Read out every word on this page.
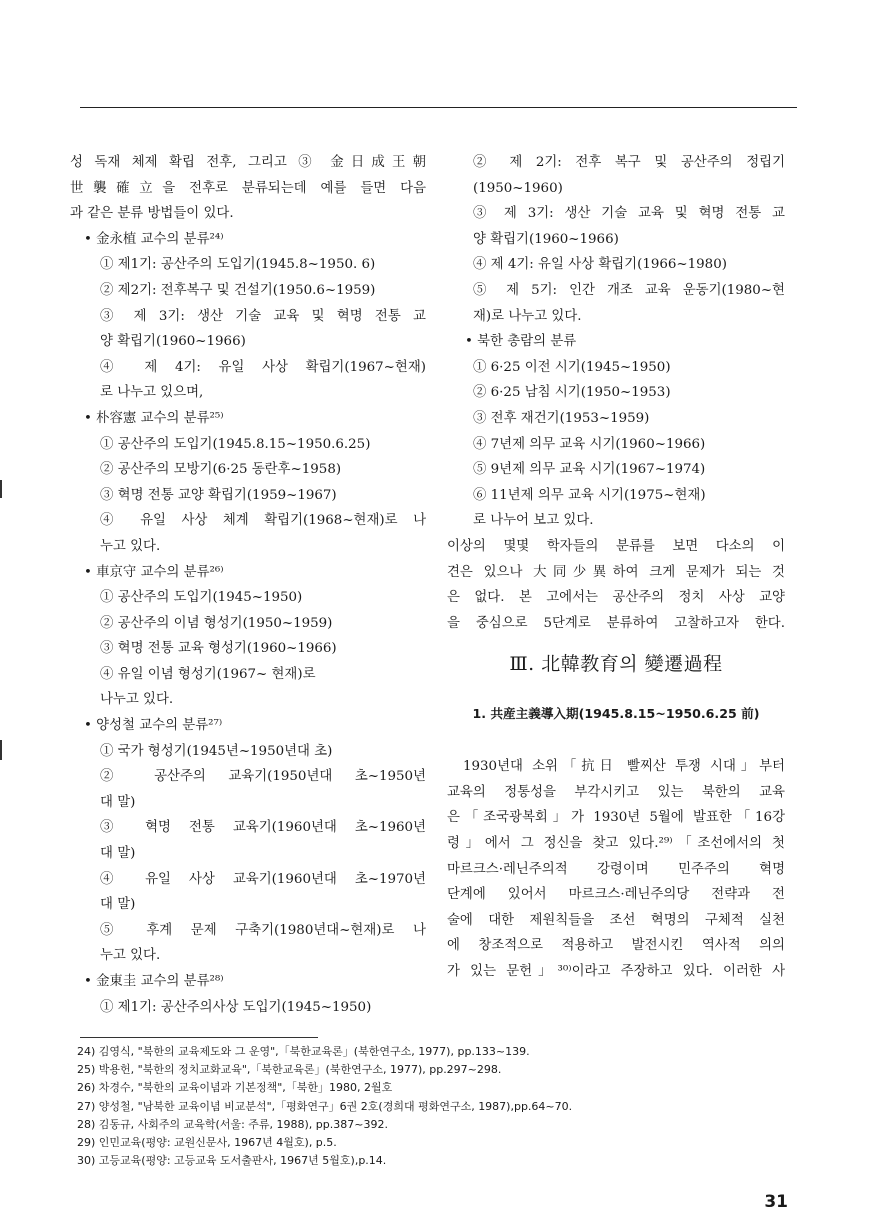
성 독재 체제 확립 전후, 그리고 ③ 金日成王朝
世襲確立을 전후로 분류되는데 예를 들면 다음
과 같은 분류 방법들이 있다.
• 金永植 교수의 분류²⁴⁾
① 제1기: 공산주의 도입기(1945.8~1950. 6)
② 제2기: 전후복구 및 건설기(1950.6~1959)
③ 제 3기: 생산 기술 교육 및 혁명 전통 교
양 확립기(1960~1966)
④ 제 4기: 유일 사상 확립기(1967~현재)
로 나누고 있으며,
• 朴容憲 교수의 분류²⁵⁾
① 공산주의 도입기(1945.8.15~1950.6.25)
② 공산주의 모방기(6·25 동란후~1958)
③ 혁명 전통 교양 확립기(1959~1967)
④ 유일 사상 체계 확립기(1968~현재)로 나
누고 있다.
• 車京守 교수의 분류²⁶⁾
① 공산주의 도입기(1945~1950)
② 공산주의 이념 형성기(1950~1959)
③ 혁명 전통 교육 형성기(1960~1966)
④ 유일 이념 형성기(1967~ 현재)로
나누고 있다.
• 양성철 교수의 분류²⁷⁾
① 국가 형성기(1945년~1950년대 초)
② 공산주의 교육기(1950년대 초~1950년
대 말)
③ 혁명 전통 교육기(1960년대 초~1960년
대 말)
④ 유일 사상 교육기(1960년대 초~1970년
대 말)
⑤ 후계 문제 구축기(1980년대~현재)로 나
누고 있다.
• 金東圭 교수의 분류²⁸⁾
① 제1기: 공산주의사상 도입기(1945~1950)
② 제 2기: 전후 복구 및 공산주의 정립기
(1950~1960)
③ 제 3기: 생산 기술 교육 및 혁명 전통 교
양 확립기(1960~1966)
④ 제 4기: 유일 사상 확립기(1966~1980)
⑤ 제 5기: 인간 개조 교육 운동기(1980~현
재)로 나누고 있다.
• 북한 총람의 분류
① 6·25 이전 시기(1945~1950)
② 6·25 남침 시기(1950~1953)
③ 전후 재건기(1953~1959)
④ 7년제 의무 교육 시기(1960~1966)
⑤ 9년제 의무 교육 시기(1967~1974)
⑥ 11년제 의무 교육 시기(1975~현재)
로 나누어 보고 있다.
이상의 몇몇 학자들의 분류를 보면 다소의 이
견은 있으나 大同少異하여 크게 문제가 되는 것
은 없다. 본 고에서는 공산주의 정치 사상 교양
을 중심으로 5단계로 분류하여 고찰하고자 한다.
Ⅲ. 北韓教育의 變遷過程
1. 共産主義導入期(1945.8.15~1950.6.25 前)
1930년대 소위「抗日 빨찌산 투쟁 시대」부터
교육의 정통성을 부각시키고 있는 북한의 교육
은「조국광복회」가 1930년 5월에 발표한「16강
령」에서 그 정신을 찾고 있다.²⁹⁾「조선에서의 첫
마르크스·레닌주의적 강령이며 민주주의 혁명
단계에 있어서 마르크스·레닌주의당 전략과 전
술에 대한 제원칙들을 조선 혁명의 구체적 실천
에 창조적으로 적용하고 발전시킨 역사적 의의
가 있는 문헌」³⁰⁾이라고 주장하고 있다. 이러한 사
24) 김영식, "북한의 교육제도와 그 운영",「북한교육론」(북한연구소, 1977), pp.133~139.
25) 박용헌, "북한의 정치교화교육",「북한교육론」(북한연구소, 1977), pp.297~298.
26) 차경수, "북한의 교육이념과 기본정책",「북한」1980, 2월호
27) 양성철, "남북한 교육이념 비교분석",「평화연구」6권 2호(경희대 평화연구소, 1987),pp.64~70.
28) 김동규, 사회주의 교육학(서울: 주류, 1988), pp.387~392.
29) 인민교육(평양: 교원신문사, 1967년 4월호), p.5.
30) 고등교육(평양: 고등교육 도서출판사, 1967년 5월호),p.14.
31
